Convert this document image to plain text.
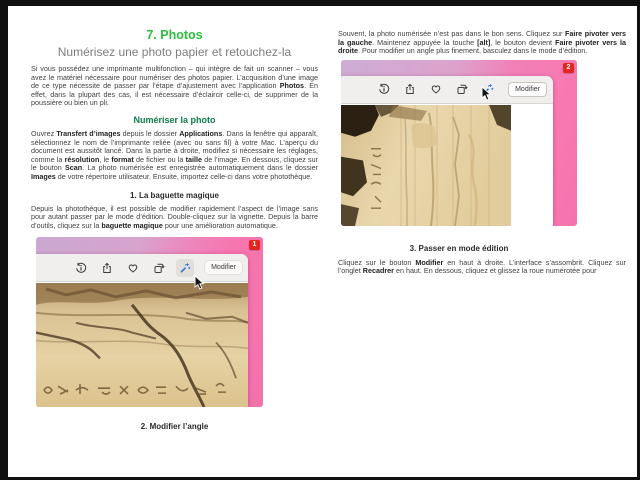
7. Photos
Numérisez une photo papier et retouchez-la

Si vous possédez une imprimante multifonction – qui intègre de fait un scanner – vous avez le matériel nécessaire pour numériser des photos papier. L’acquisition d’une image de ce type nécessite de passer par l’étape d’ajustement avec l’application Photos. En effet, dans la plupart des cas, il est nécessaire d’éclaircir celle-ci, de supprimer de la poussière ou bien un pli.

Numériser la photo

Ouvrez Transfert d’images depuis le dossier Applications. Dans la fenêtre qui apparaît, sélectionnez le nom de l’imprimante reliée (avec ou sans fil) à votre Mac. L’aperçu du document est aussitôt lancé. Dans la partie à droite, modifiez si nécessaire les réglages, comme la résolution, le format de fichier ou la taille de l’image. En dessous, cliquez sur le bouton Scan. La photo numérisée est enregistrée automatiquement dans le dossier Images de votre répertoire utilisateur. Ensuite, importez celle-ci dans votre photothèque.

1. La baguette magique

Depuis la photothèque, il est possible de modifier rapidement l’aspect de l’image sans pour autant passer par le mode d’édition. Double-cliquez sur la vignette. Depuis la barre d’outils, cliquez sur la baguette magique pour une amélioration automatique.

Modifier
1
2. Modifier l’angle

Souvent, la photo numérisée n’est pas dans le bon sens. Cliquez sur Faire pivoter vers la gauche. Maintenez appuyée la touche [alt], le bouton devient Faire pivoter vers la droite. Pour modifier un angle plus finement, basculez dans le mode d’édition.

Modifier
2
3. Passer en mode édition

Cliquez sur le bouton Modifier en haut à droite. L’interface s’assombrit. Cliquez sur l’onglet Recadrer en haut. En dessous, cliquez et glissez la roue numérotée pour
